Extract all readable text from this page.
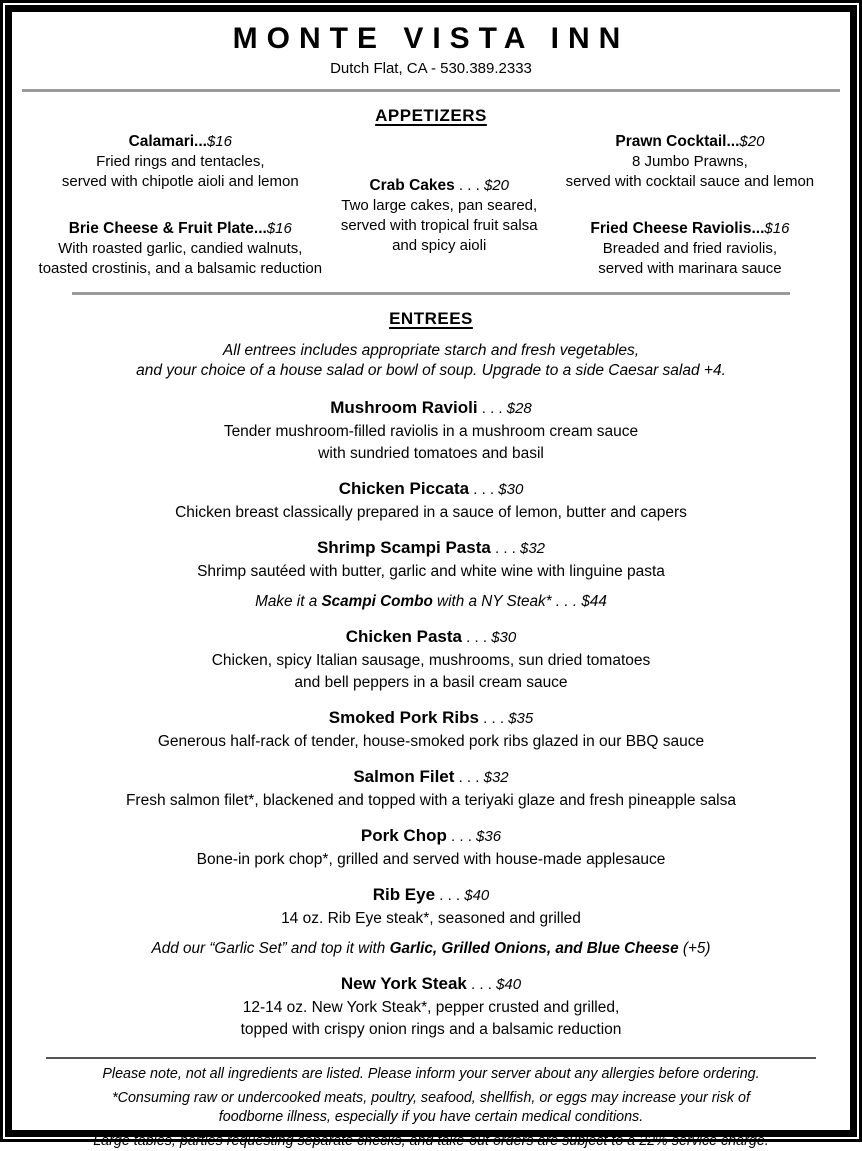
MONTE VISTA INN
Dutch Flat, CA - 530.389.2333
APPETIZERS
Calamari...$16
Fried rings and tentacles,
served with chipotle aioli and lemon
Brie Cheese & Fruit Plate...$16
With roasted garlic, candied walnuts,
toasted crostinis, and a balsamic reduction
Crab Cakes . . . $20
Two large cakes, pan seared,
served with tropical fruit salsa
and spicy aioli
Prawn Cocktail...$20
8 Jumbo Prawns,
served with cocktail sauce and lemon
Fried Cheese Raviolis...$16
Breaded and fried raviolis,
served with marinara sauce
ENTREES
All entrees includes appropriate starch and fresh vegetables,
and your choice of a house salad or bowl of soup. Upgrade to a side Caesar salad +4.
Mushroom Ravioli . . . $28
Tender mushroom-filled raviolis in a mushroom cream sauce
with sundried tomatoes and basil
Chicken Piccata . . . $30
Chicken breast classically prepared in a sauce of lemon, butter and capers
Shrimp Scampi Pasta . . . $32
Shrimp sautéed with butter, garlic and white wine with linguine pasta
Make it a Scampi Combo with a NY Steak* . . . $44
Chicken Pasta . . . $30
Chicken, spicy Italian sausage, mushrooms, sun dried tomatoes
and bell peppers in a basil cream sauce
Smoked Pork Ribs . . . $35
Generous half-rack of tender, house-smoked pork ribs glazed in our BBQ sauce
Salmon Filet . . . $32
Fresh salmon filet*, blackened and topped with a teriyaki glaze and fresh pineapple salsa
Pork Chop . . . $36
Bone-in pork chop*, grilled and served with house-made applesauce
Rib Eye . . . $40
14 oz. Rib Eye steak*, seasoned and grilled
Add our “Garlic Set” and top it with Garlic, Grilled Onions, and Blue Cheese (+5)
New York Steak . . . $40
12-14 oz. New York Steak*, pepper crusted and grilled,
topped with crispy onion rings and a balsamic reduction
Please note, not all ingredients are listed. Please inform your server about any allergies before ordering.
*Consuming raw or undercooked meats, poultry, seafood, shellfish, or eggs may increase your risk of
foodborne illness, especially if you have certain medical conditions.
Large tables, parties requesting separate checks, and take-out orders are subject to a 22% service charge.
